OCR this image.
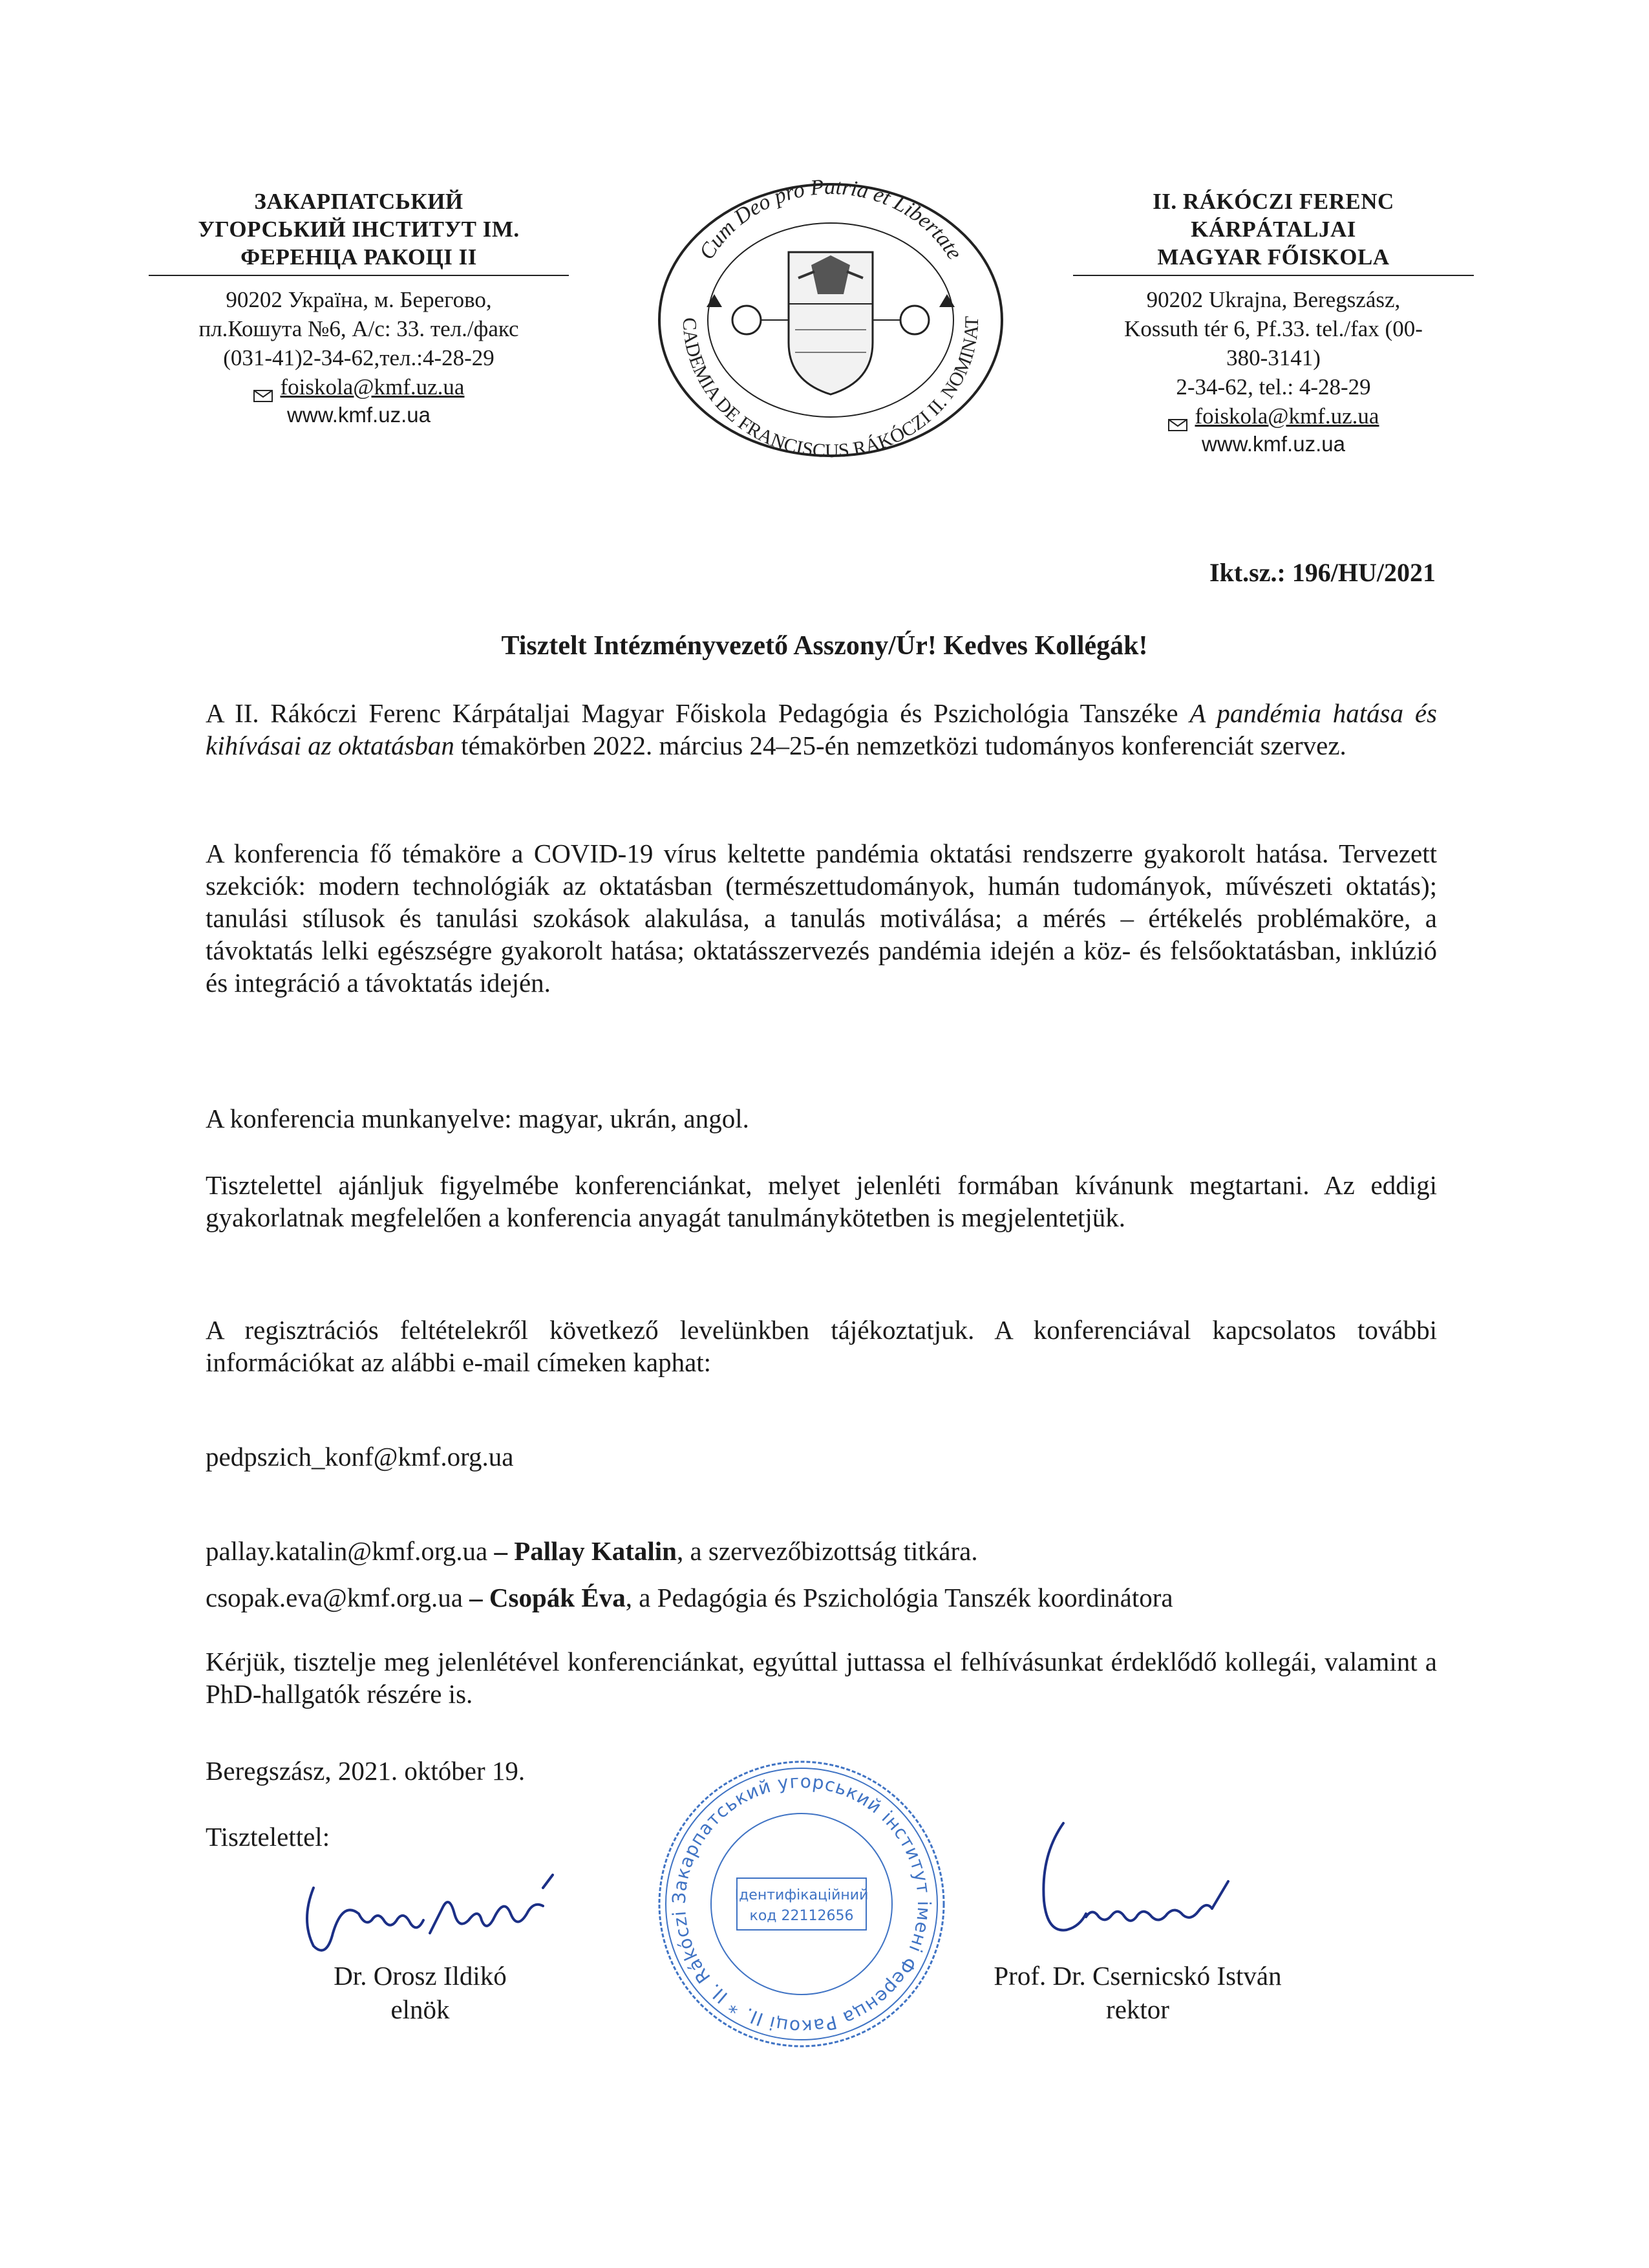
ЗАКАРПАТСЬКИЙ
УГОРСЬКИЙ ІНСТИТУТ ІМ.
ФЕРЕНЦА РАКОЦІ ІІ
90202 Україна, м. Берегово,
пл.Кошута №6, А/с: 33. тел./факс
(031-41)2-34-62,тел.:4-28-29
foiskola@kmf.uz.ua
www.kmf.uz.ua
Cum Deo pro Patria et Libertate
CADEMIA DE FRANCISCUS RÁKÓCZI II. NOMINAT
II. RÁKÓCZI FERENC
KÁRPÁTALJAI
MAGYAR FŐISKOLA
90202 Ukrajna, Beregszász,
Kossuth tér 6, Pf.33. tel./fax (00-
380-3141)
2-34-62, tel.: 4-28-29
foiskola@kmf.uz.ua
www.kmf.uz.ua
Ikt.sz.: 196/HU/2021
Tisztelt Intézményvezető Asszony/Úr! Kedves Kollégák!

A II. Rákóczi Ferenc Kárpátaljai Magyar Főiskola Pedagógia és Pszichológia Tanszéke A pandémia hatása és kihívásai az oktatásban témakörben 2022. március 24–25-én nemzetközi tudományos konferenciát szervez.

A konferencia fő témaköre a COVID-19 vírus keltette pandémia oktatási rendszerre gyakorolt hatása. Tervezett szekciók: modern technológiák az oktatásban (természettudományok, humán tudományok, művészeti oktatás); tanulási stílusok és tanulási szokások alakulása, a tanulás motiválása; a mérés – értékelés problémaköre, a távoktatás lelki egészségre gyakorolt hatása; oktatásszervezés pandémia idején a köz- és felsőoktatásban, inklúzió és integráció a távoktatás idején.

A konferencia munkanyelve: magyar, ukrán, angol.

Tisztelettel ajánljuk figyelmébe konferenciánkat, melyet jelenléti formában kívánunk megtartani. Az eddigi gyakorlatnak megfelelően a konferencia anyagát tanulmánykötetben is megjelentetjük.

A regisztrációs feltételekről következő levelünkben tájékoztatjuk. A konferenciával kapcsolatos további információkat az alábbi e-mail címeken kaphat:

pedpszich_konf@kmf.org.ua
pallay.katalin@kmf.org.ua – Pallay Katalin, a szervezőbizottság titkára.
csopak.eva@kmf.org.ua – Csopák Éva, a Pedagógia és Pszichológia Tanszék koordinátora

Kérjük, tisztelje meg jelenlétével konferenciánkat, egyúttal juttassa el felhívásunkat érdeklődő kollegái, valamint a PhD-hallgatók részére is.

Beregszász, 2021. október 19.
Tisztelettel:
Dr. Orosz Ildikó
elnök
Закарпатський угорський інститут імені Ференца Ракоці II. * II. Rákóczi
Ідентифікаційний
код 22112656
Prof. Dr. Csernicskó István
rektor
